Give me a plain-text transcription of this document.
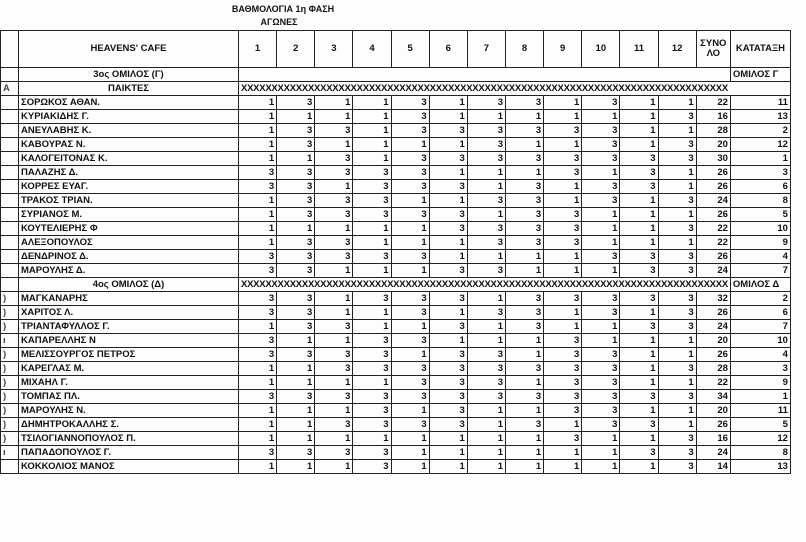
ΒΑΘΜΟΛΟΓΙΑ 1η ΦΑΣΗ
ΑΓΩΝΕΣ
	HEAVENS' CAFE	1	2	3	4	5	6	7	8	9	10	11	12	ΣΥΝΟ ΛΟ	ΚΑΤΑΤΑΞΗ
	3ος ΟΜΙΛΟΣ (Γ)														ΟΜΙΛΟΣ Γ
A	ΠΑΙΚΤΕΣ	XXXXXXXXXXXXXXXXXXXXXXXXXXXXXXXXXXXXXXXXXXXXXXXXXXXXXXXXXXXXXXXXXXXXXXXXXXXXXXXX													
	ΣΟΡΩΚΟΣ ΑΘΑΝ.	1	3	1	1	3	1	3	3	1	3	1	1	22	11
	ΚΥΡΙΑΚΙΔΗΣ Γ.	1	1	1	1	3	1	1	1	1	1	1	3	16	13
	ΑΝΕΥΛΑΒΗΣ Κ.	1	3	3	1	3	3	3	3	3	3	1	1	28	2
	ΚΑΒΟΥΡΑΣ Ν.	1	3	1	1	1	1	3	1	1	3	1	3	20	12
	ΚΑΛΟΓΕΙΤΟΝΑΣ Κ.	1	1	3	1	3	3	3	3	3	3	3	3	30	1
	ΠΑΛΑΖΗΣ Δ.	3	3	3	3	3	1	1	1	3	1	3	1	26	3
	ΚΟΡΡΕΣ ΕΥΑΓ.	3	3	1	3	3	3	1	3	1	3	3	1	26	6
	ΤΡΑΚΟΣ ΤΡΙΑΝ.	1	3	3	3	1	1	3	3	1	3	1	3	24	8
	ΣΥΡΙΑΝΟΣ Μ.	1	3	3	3	3	3	1	3	3	1	1	1	26	5
	ΚΟΥΤΕΛΙΕΡΗΣ Φ	1	1	1	1	1	3	3	3	3	1	1	3	22	10
	ΑΛΕΞΟΠΟΥΛΟΣ	1	3	3	1	1	1	3	3	3	1	1	1	22	9
	ΔΕΝΔΡΙΝΟΣ Δ.	3	3	3	3	3	1	1	1	1	3	3	3	26	4
	ΜΑΡΟΥΛΗΣ Δ.	3	3	1	1	1	3	3	1	1	1	3	3	24	7
	4ος ΟΜΙΛΟΣ (Δ)	XXXXXXXXXXXXXXXXXXXXXXXXXXXXXXXXXXXXXXXXXXXXXXXXXXXXXXXXXXXXXXXXXXXXXXXXXXXXXXXX													ΟΜΙΛΟΣ Δ
)	ΜΑΓΚΑΝΑΡΗΣ	3	3	1	3	3	3	1	3	3	3	3	3	32	2
)	ΧΑΡΙΤΟΣ Λ.	3	3	1	1	3	1	3	3	1	3	1	3	26	6
)	ΤΡΙΑΝΤΑΦΥΛΛΟΣ Γ.	1	3	3	1	1	3	1	3	1	1	3	3	24	7
ı	ΚΑΠΑΡΕΛΛΗΣ Ν	3	1	1	3	3	1	1	1	3	1	1	1	20	10
)	ΜΕΛΙΣΣΟΥΡΓΟΣ ΠΕΤΡΟΣ	3	3	3	3	1	3	3	1	3	3	1	1	26	4
)	ΚΑΡΕΓΛΑΣ Μ.	1	1	3	3	3	3	3	3	3	3	1	3	28	3
)	ΜΙΧΑΗΛ Γ.	1	1	1	1	3	3	3	1	3	3	1	1	22	9
)	ΤΟΜΠΑΣ ΠΛ.	3	3	3	3	3	3	3	3	3	3	3	3	34	1
)	ΜΑΡΟΥΛΗΣ Ν.	1	1	1	3	1	3	1	1	3	3	1	1	20	11
)	ΔΗΜΗΤΡΟΚΑΛΛΗΣ Σ.	1	1	3	3	3	3	1	3	1	3	3	1	26	5
)	ΤΣΙΛΟΓΙΑΝΝΟΠΟΥΛΟΣ Π.	1	1	1	1	1	1	1	1	3	1	1	3	16	12
ı	ΠΑΠΑΔΟΠΟΥΛΟΣ Γ.	3	3	3	3	1	1	1	1	1	1	3	3	24	8
	ΚΟΚΚΟΛΙΟΣ ΜΑΝΟΣ	1	1	1	3	1	1	1	1	1	1	1	3	14	13
